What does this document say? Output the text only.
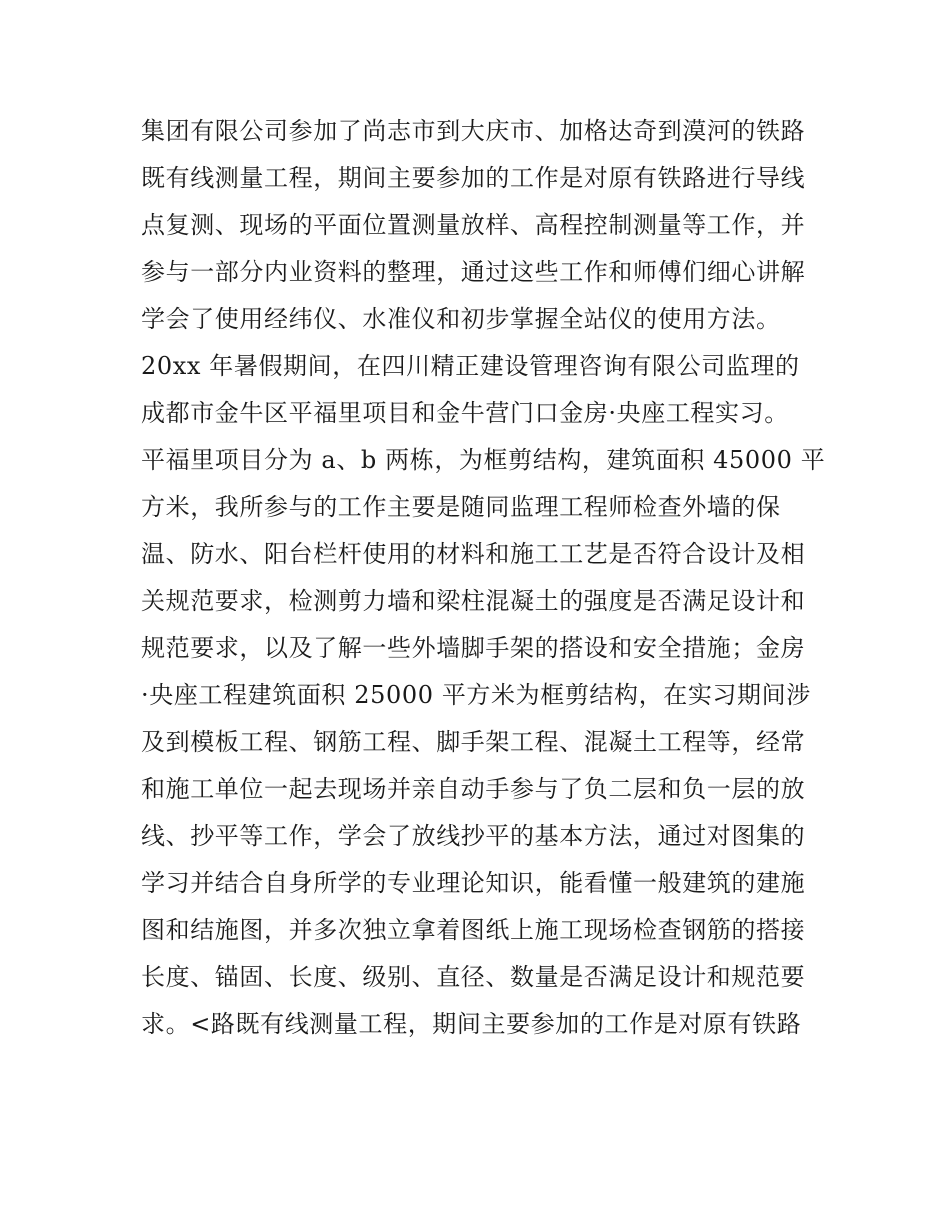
集团有限公司参加了尚志市到大庆市、加格达奇到漠河的铁路
既有线测量工程，期间主要参加的工作是对原有铁路进行导线
点复测、现场的平面位置测量放样、高程控制测量等工作，并
参与一部分内业资料的整理，通过这些工作和师傅们细心讲解
学会了使用经纬仪、水准仪和初步掌握全站仪的使用方法。
20xx 年暑假期间，在四川精正建设管理咨询有限公司监理的
成都市金牛区平福里项目和金牛营门口金房·央座工程实习。
平福里项目分为 a、b 两栋，为框剪结构，建筑面积 45000 平
方米，我所参与的工作主要是随同监理工程师检查外墙的保
温、防水、阳台栏杆使用的材料和施工工艺是否符合设计及相
关规范要求，检测剪力墙和梁柱混凝土的强度是否满足设计和
规范要求，以及了解一些外墙脚手架的搭设和安全措施；金房
·央座工程建筑面积 25000 平方米为框剪结构，在实习期间涉
及到模板工程、钢筋工程、脚手架工程、混凝土工程等，经常
和施工单位一起去现场并亲自动手参与了负二层和负一层的放
线、抄平等工作，学会了放线抄平的基本方法，通过对图集的
学习并结合自身所学的专业理论知识，能看懂一般建筑的建施
图和结施图，并多次独立拿着图纸上施工现场检查钢筋的搭接
长度、锚固、长度、级别、直径、数量是否满足设计和规范要
求。<路既有线测量工程，期间主要参加的工作是对原有铁路
